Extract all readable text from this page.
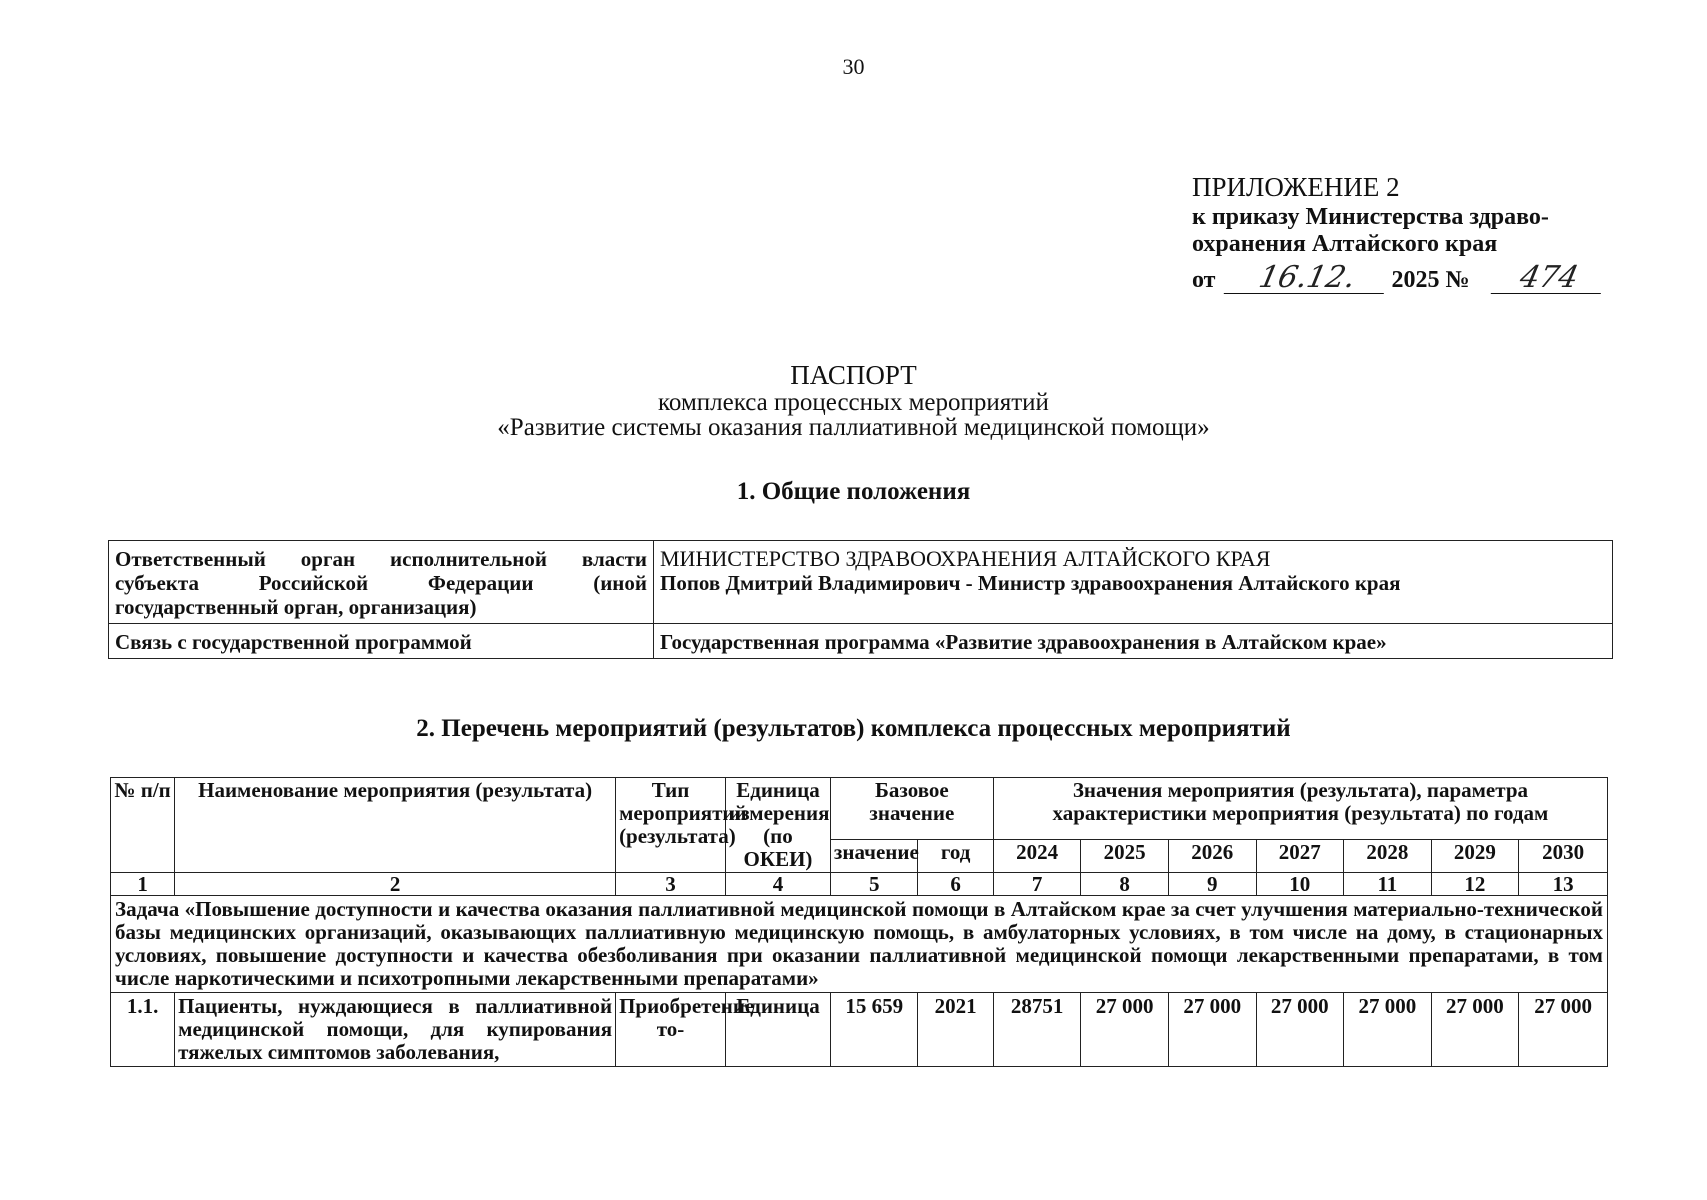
30
ПРИЛОЖЕНИЕ 2
к приказу Министерства здраво-
охранения Алтайского края
от	16.12.	2025 №	474
ПАСПОРТ
комплекса процессных мероприятий
«Развитие системы оказания паллиативной медицинской помощи»
1. Общие положения
Ответственный орган исполнительной власти субъекта Российской Федерации (иной государственный орган, организация)	МИНИСТЕРСТВО ЗДРАВООХРАНЕНИЯ АЛТАЙСКОГО КРАЯ
Попов Дмитрий Владимирович - Министр здравоохранения Алтайского края

Связь с государственной программой	Государственная программа «Развитие здравоохранения в Алтайском крае»
2. Перечень мероприятий (результатов) комплекса процессных мероприятий
№ п/п	Наименование мероприятия (результата)	Тип мероприятий (результата)	Единица измерения (по ОКЕИ)	Базовое значение		Значения мероприятия (результата), параметра характеристики мероприятия (результата) по годам						
				значение	год	2024	2025	2026	2027	2028	2029	2030
1	2	3	4	5	6	7	8	9	10	11	12	13
Задача «Повышение доступности и качества оказания паллиативной медицинской помощи в Алтайском крае за счет улучшения материально-технической базы медицинских организаций, оказывающих паллиативную медицинскую помощь, в амбулаторных условиях, в том числе на дому, в стационарных условиях, повышение доступности и качества обезболивания при оказании паллиативной медицинской помощи лекарственными препаратами, в том числе наркотическими и психотропными лекарственными препаратами»												
1.1.	Пациенты, нуждающиеся в паллиативной медицинской помощи, для купирования тяжелых симптомов заболевания,	Приобретение то-	Единица	15 659	2021	28751	27 000	27 000	27 000	27 000	27 000	27 000
